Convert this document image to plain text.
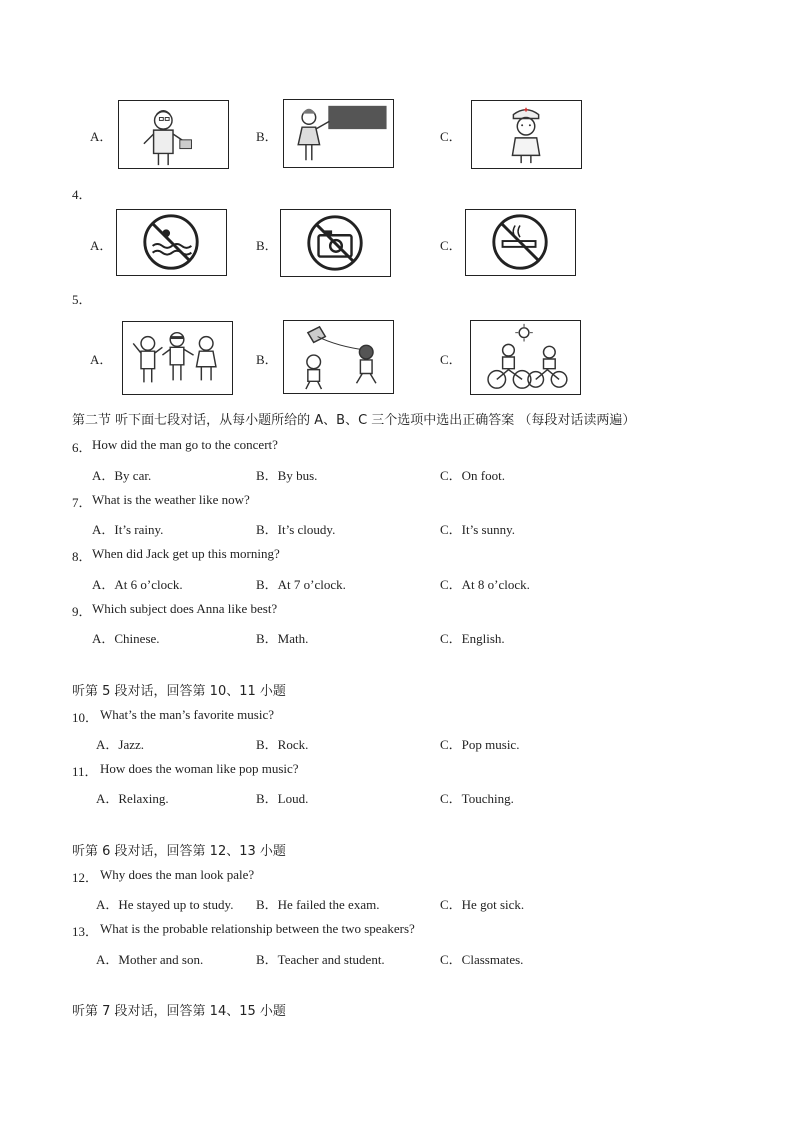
A．	B．	C．
4．
A．	B．	C．
5．
A．	B．	C．
第二节 听下面七段对话，从每小题所给的 A、B、C 三个选项中选出正确答案 （每段对话读两遍）
6． How did the man go to the concert?
A．By car.	B．By bus.	C．On foot.
7． What is the weather like now?
A．It’s rainy.	B．It’s cloudy.	C．It’s sunny.
8． When did Jack get up this morning?
A．At 6 o’clock.	B．At 7 o’clock.	C．At 8 o’clock.
9． Which subject does Anna like best?
A．Chinese.	B．Math.	C．English.
听第 5 段对话，回答第 10、11 小题
10． What’s the man’s favorite music?
A．Jazz.	B．Rock.	C．Pop music.
11． How does the woman like pop music?
A．Relaxing.	B．Loud.	C．Touching.
听第 6 段对话，回答第 12、13 小题
12． Why does the man look pale?
A．He stayed up to study. B．He failed the exam.	C．He got sick.
13． What is the probable relationship between the two speakers?
A．Mother and son.	B．Teacher and student.	C．Classmates.
听第 7 段对话，回答第 14、15 小题
